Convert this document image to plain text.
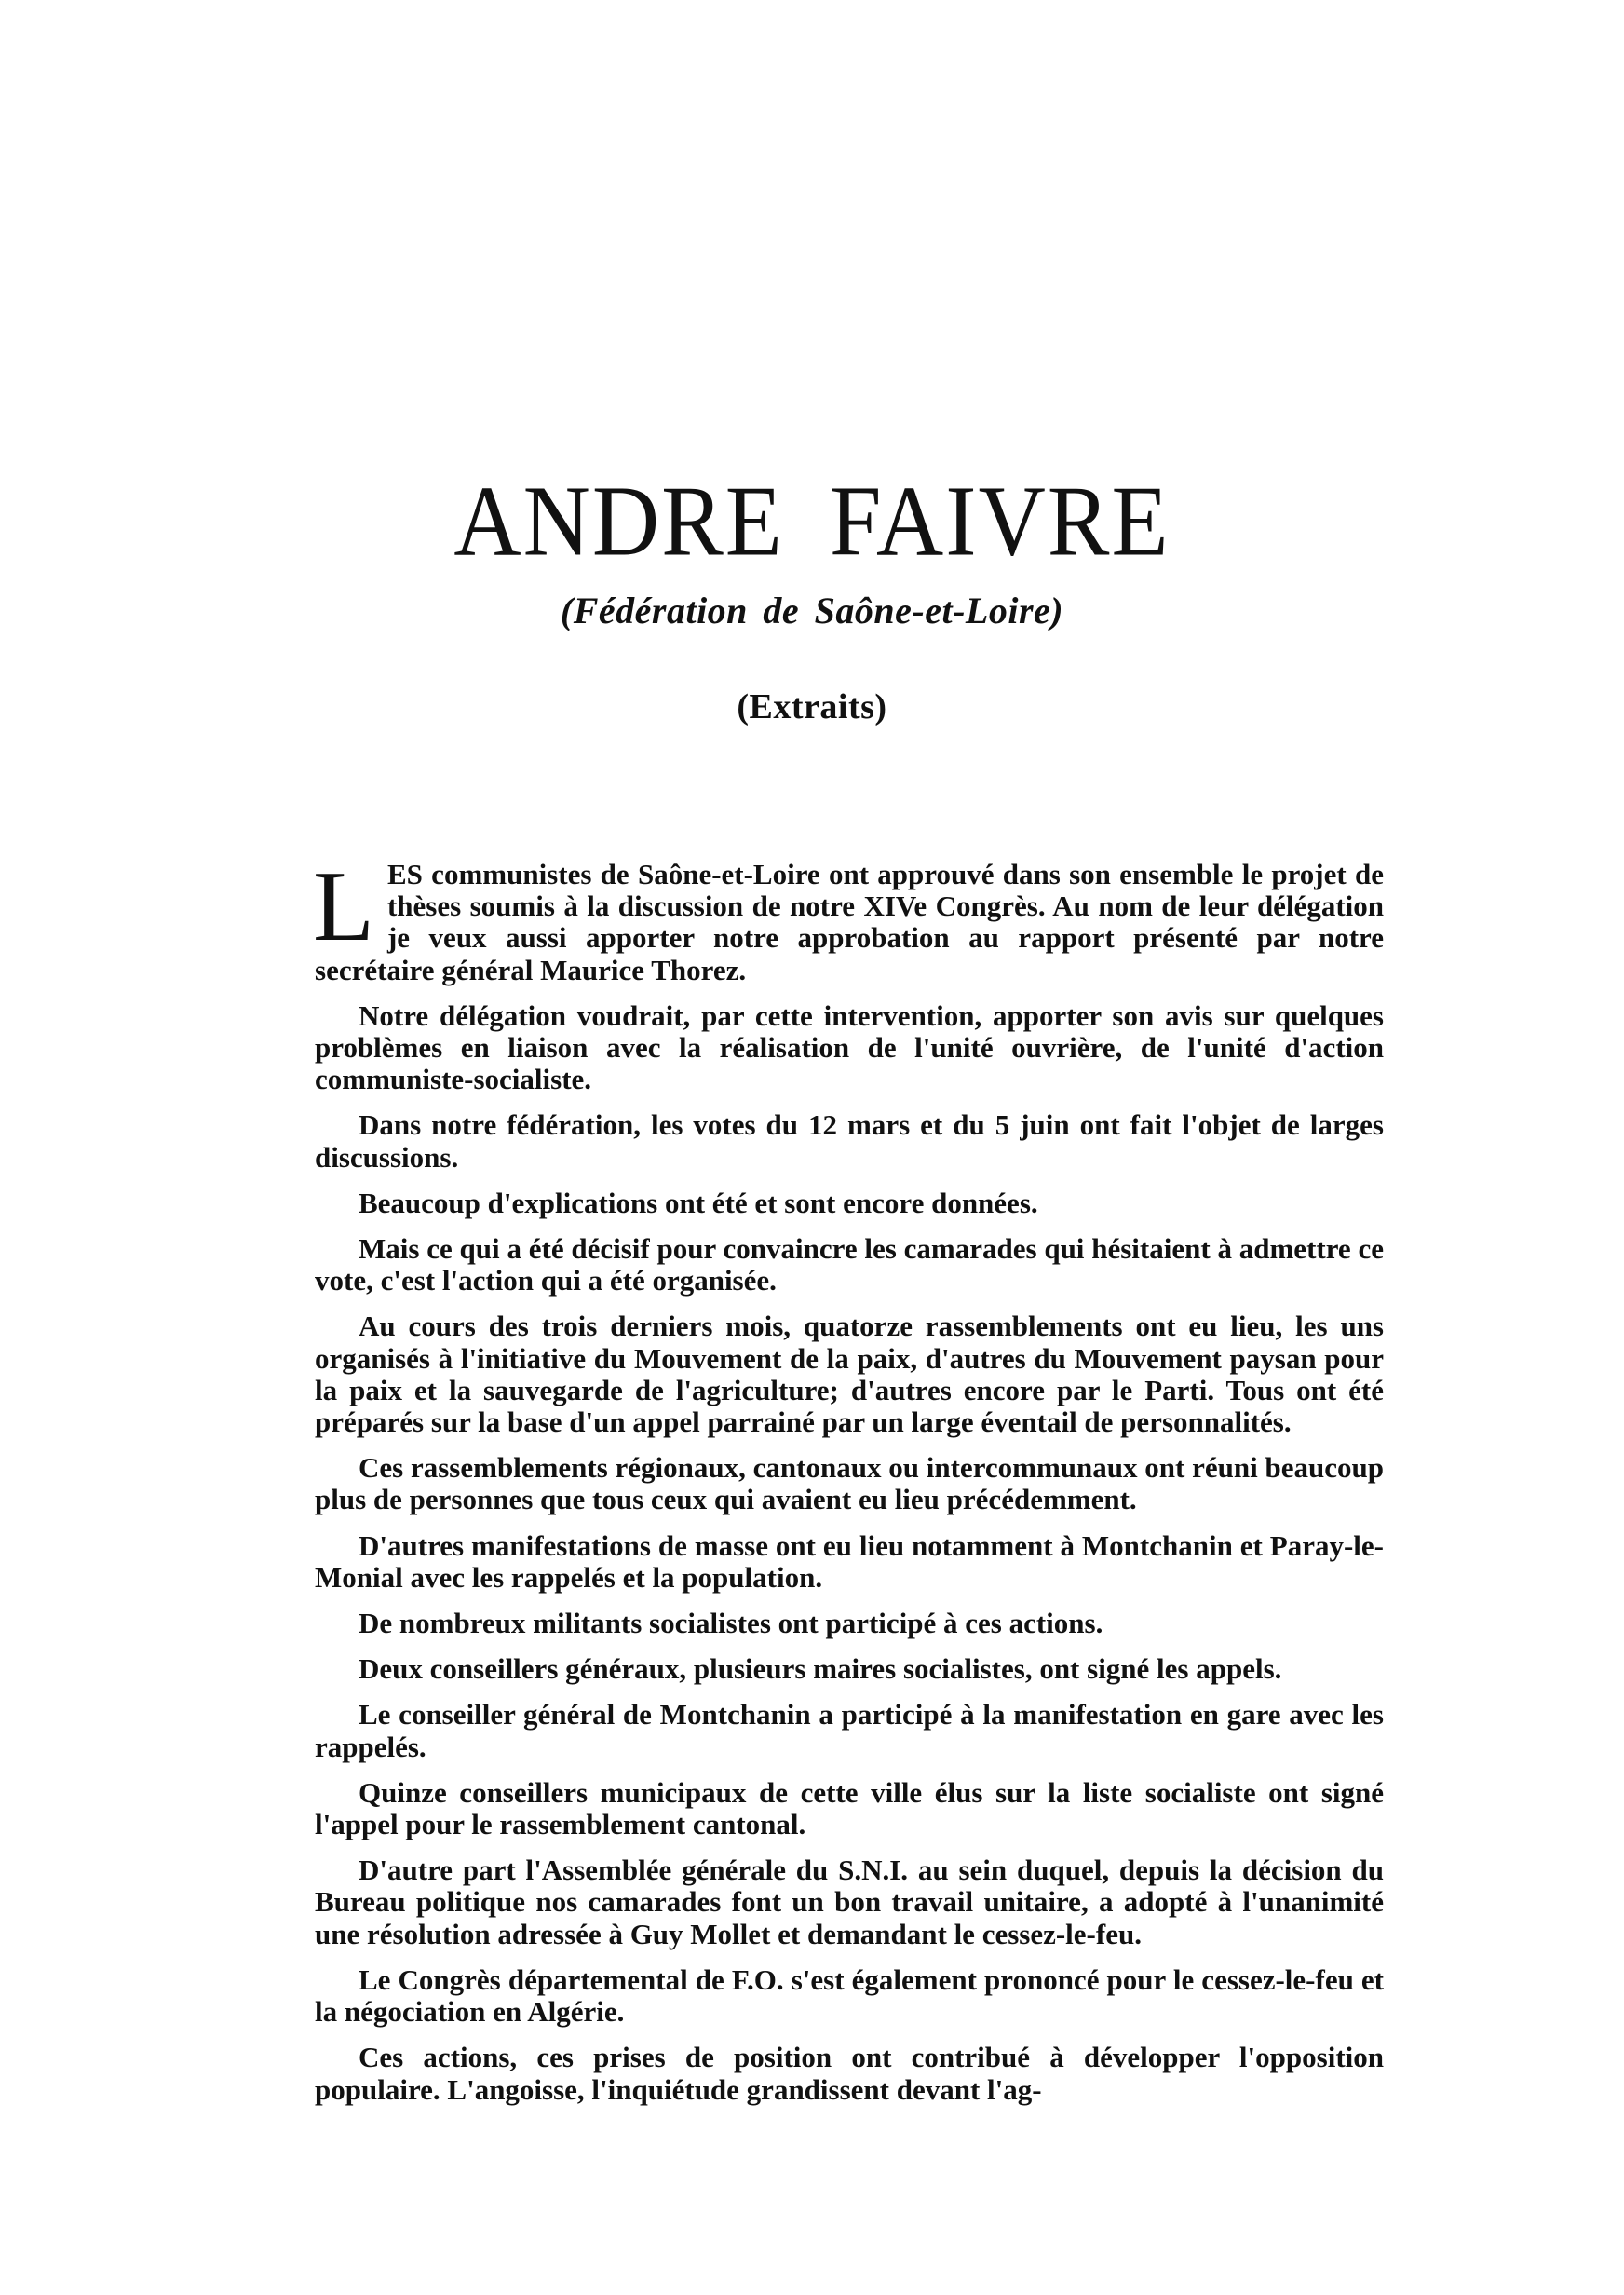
ANDRE FAIVRE
(Fédération de Saône-et-Loire)
(Extraits)

LES communistes de Saône-et-Loire ont approuvé dans son ensemble le projet de thèses soumis à la discussion de notre XIVe Congrès. Au nom de leur délégation je veux aussi apporter notre approbation au rapport présenté par notre secrétaire général Maurice Thorez.

Notre délégation voudrait, par cette intervention, apporter son avis sur quelques problèmes en liaison avec la réalisation de l'unité ouvrière, de l'unité d'action communiste-socialiste.

Dans notre fédération, les votes du 12 mars et du 5 juin ont fait l'objet de larges discussions.

Beaucoup d'explications ont été et sont encore données.

Mais ce qui a été décisif pour convaincre les camarades qui hésitaient à admettre ce vote, c'est l'action qui a été organisée.

Au cours des trois derniers mois, quatorze rassemblements ont eu lieu, les uns organisés à l'initiative du Mouvement de la paix, d'autres du Mouvement paysan pour la paix et la sauvegarde de l'agriculture; d'autres encore par le Parti. Tous ont été préparés sur la base d'un appel parrainé par un large éventail de personnalités.

Ces rassemblements régionaux, cantonaux ou intercommunaux ont réuni beaucoup plus de personnes que tous ceux qui avaient eu lieu précédemment.

D'autres manifestations de masse ont eu lieu notamment à Montchanin et Paray-le-Monial avec les rappelés et la population.

De nombreux militants socialistes ont participé à ces actions.

Deux conseillers généraux, plusieurs maires socialistes, ont signé les appels.

Le conseiller général de Montchanin a participé à la manifestation en gare avec les rappelés.

Quinze conseillers municipaux de cette ville élus sur la liste socialiste ont signé l'appel pour le rassemblement cantonal.

D'autre part l'Assemblée générale du S.N.I. au sein duquel, depuis la décision du Bureau politique nos camarades font un bon travail unitaire, a adopté à l'unanimité une résolution adressée à Guy Mollet et demandant le cessez-le-feu.

Le Congrès départemental de F.O. s'est également prononcé pour le cessez-le-feu et la négociation en Algérie.

Ces actions, ces prises de position ont contribué à développer l'opposition populaire. L'angoisse, l'inquiétude grandissent devant l'ag-
